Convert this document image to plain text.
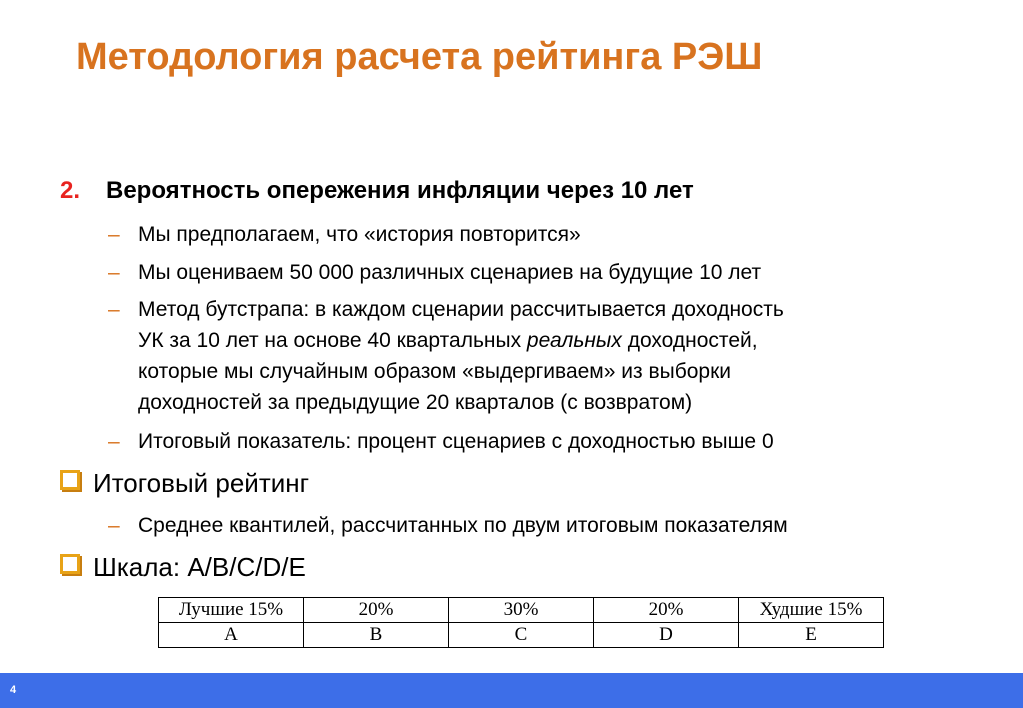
Методология расчета рейтинга РЭШ
2. Вероятность опережения инфляции через 10 лет
– Мы предполагаем, что «история повторится»
– Мы оцениваем 50 000 различных сценариев на будущие 10 лет
– Метод бутстрапа: в каждом сценарии рассчитывается доходность
УК за 10 лет на основе 40 квартальных реальных доходностей,
которые мы случайным образом «выдергиваем» из выборки
доходностей за предыдущие 20 кварталов (с возвратом)
– Итоговый показатель: процент сценариев с доходностью выше 0
Итоговый рейтинг
– Среднее квантилей, рассчитанных по двум итоговым показателям
Шкала: A/B/C/D/E
Лучшие 15%	20%	30%	20%	Худшие 15%
A	B	C	D	E
4
